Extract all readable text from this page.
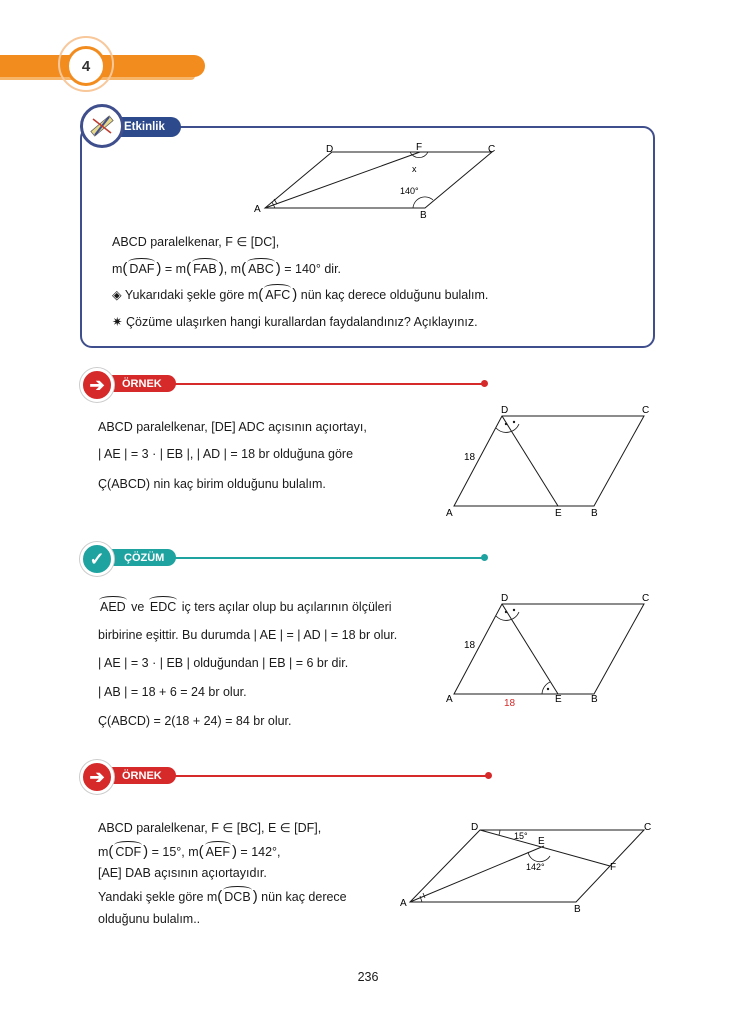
4
Etkinlik
A
B
C
D	F
x
140°
ABCD paralelkenar, F ∈ [DC],
m( DAF ) = m( FAB ), m( ABC ) = 140° dir.
◈ Yukarıdaki şekle göre m( AFC ) nün kaç derece olduğunu bulalım.
✷ Çözüme ulaşırken hangi kurallardan faydalandınız? Açıklayınız.
ÖRNEK
➔
ABCD paralelkenar, [DE] ADC açısının açıortayı,
| AE | = 3 · | EB |, | AD | = 18 br olduğuna göre
Ç(ABCD) nin kaç birim olduğunu bulalım.
A	B
C
D
E
18
ÇÖZÜM
✓
AED ve EDC iç ters açılar olup bu açılarının ölçüleri
birbirine eşittir. Bu durumda | AE | = | AD | = 18 br olur.
| AE | = 3 · | EB | olduğundan | EB | = 6 br dir.
| AB | = 18 + 6 = 24 br olur.
Ç(ABCD) = 2(18 + 24) = 84 br olur.
A	B
C
D
E
18
18
ÖRNEK
➔
ABCD paralelkenar, F ∈ [BC], E ∈ [DF],
m( CDF ) = 15°, m( AEF ) = 142°,
[AE] DAB açısının açıortayıdır.
Yandaki şekle göre m( DCB ) nün kaç derece
olduğunu bulalım..
A
B
C
D
E
F
15°
142°
236
